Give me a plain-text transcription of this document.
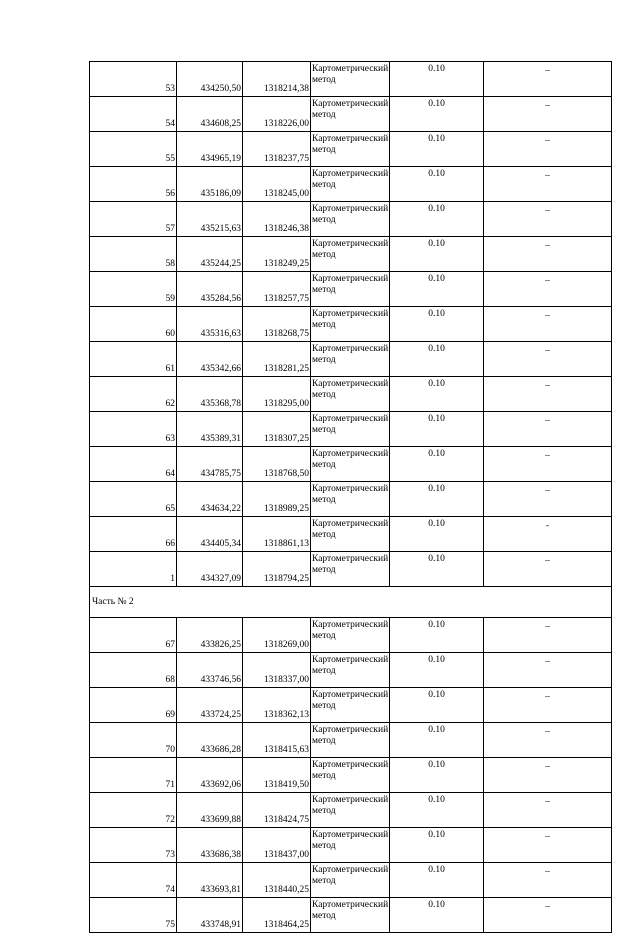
53	434250,50	1318214,38	Картометрический метод	0.10	–
54	434608,25	1318226,00	Картометрический метод	0.10	–
55	434965,19	1318237,75	Картометрический метод	0.10	–
56	435186,09	1318245,00	Картометрический метод	0.10	–
57	435215,63	1318246,38	Картометрический метод	0.10	–
58	435244,25	1318249,25	Картометрический метод	0.10	–
59	435284,56	1318257,75	Картометрический метод	0.10	–
60	435316,63	1318268,75	Картометрический метод	0.10	–
61	435342,66	1318281,25	Картометрический метод	0.10	–
62	435368,78	1318295,00	Картометрический метод	0.10	–
63	435389,31	1318307,25	Картометрический метод	0.10	–
64	434785,75	1318768,50	Картометрический метод	0.10	–
65	434634,22	1318989,25	Картометрический метод	0.10	–
66	434405,34	1318861,13	Картометрический метод	0.10	-
1	434327,09	1318794,25	Картометрический метод	0.10	–
Часть № 2					
67	433826,25	1318269,00	Картометрический метод	0.10	–
68	433746,56	1318337,00	Картометрический метод	0.10	–
69	433724,25	1318362,13	Картометрический метод	0.10	–
70	433686,28	1318415,63	Картометрический метод	0.10	–
71	433692,06	1318419,50	Картометрический метод	0.10	–
72	433699,88	1318424,75	Картометрический метод	0.10	–
73	433686,38	1318437,00	Картометрический метод	0.10	–
74	433693,81	1318440,25	Картометрический метод	0.10	–
75	433748,91	1318464,25	Картометрический метод	0.10	–
